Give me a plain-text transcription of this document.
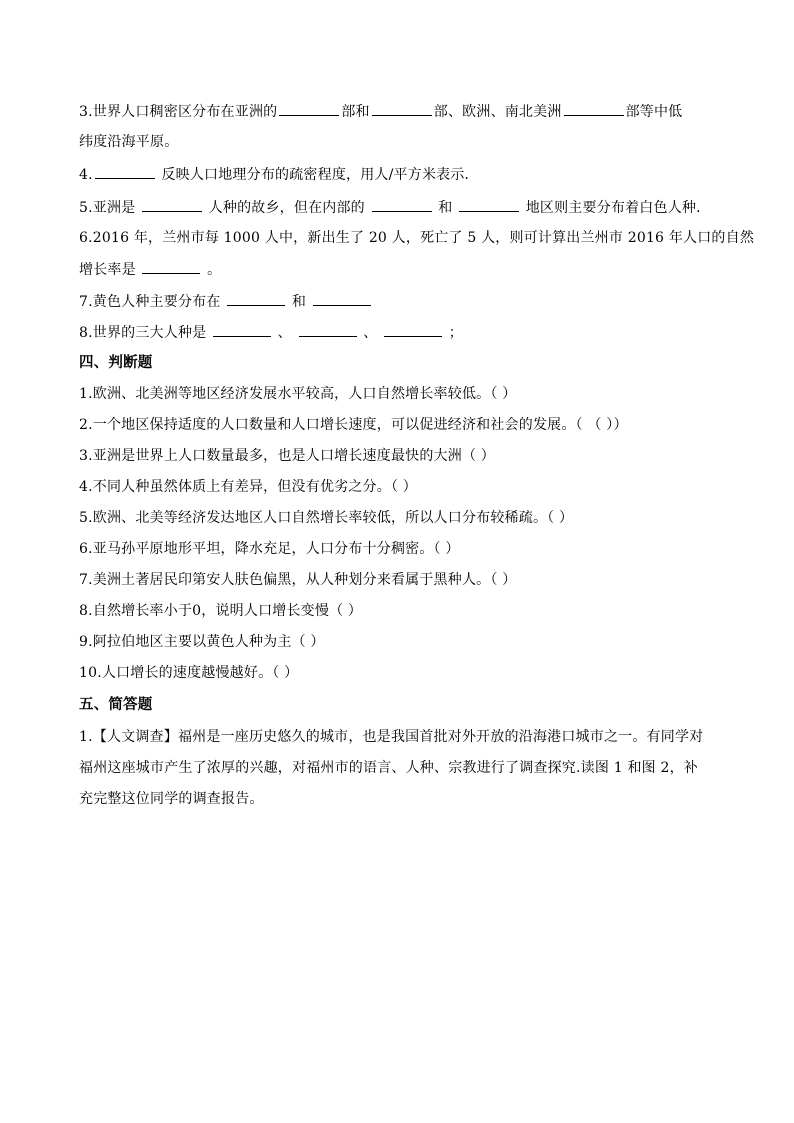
3.世界人口稠密区分布在亚洲的	部和	部、欧洲、南北美洲	部等中低
纬度沿海平原。
4.	反映人口地理分布的疏密程度，用人/平方米表示．
5.亚洲是	人种的故乡，但在内部的	和	地区则主要分布着白色人种．
6.2016 年，兰州市每 1000 人中，新出生了 20 人，死亡了 5 人，则可计算出兰州市 2016 年人口的自然
增长率是	。
7.黄色人种主要分布在	和
8.世界的三大人种是	、	、	；
四、判断题
1.欧洲、北美洲等地区经济发展水平较高，人口自然增长率较低。（ ）
2.一个地区保持适度的人口数量和人口增长速度，可以促进经济和社会的发展。（ （ ））
3.亚洲是世界上人口数量最多，也是人口增长速度最快的大洲（ ）
4.不同人种虽然体质上有差异，但没有优劣之分。（ ）
5.欧洲、北美等经济发达地区人口自然增长率较低，所以人口分布较稀疏。（ ）
6.亚马孙平原地形平坦，降水充足，人口分布十分稠密。（ ）
7.美洲土著居民印第安人肤色偏黑，从人种划分来看属于黑种人。（ ）
8.自然增长率小于0，说明人口增长变慢（ ）
9.阿拉伯地区主要以黄色人种为主（ ）
10.人口增长的速度越慢越好。（ ）
五、简答题
1.【人文调查】福州是一座历史悠久的城市，也是我国首批对外开放的沿海港口城市之一。有同学对
福州这座城市产生了浓厚的兴趣，对福州市的语言、人种、宗教进行了调查探究.读图 1 和图 2，补
充完整这位同学的调查报告。
